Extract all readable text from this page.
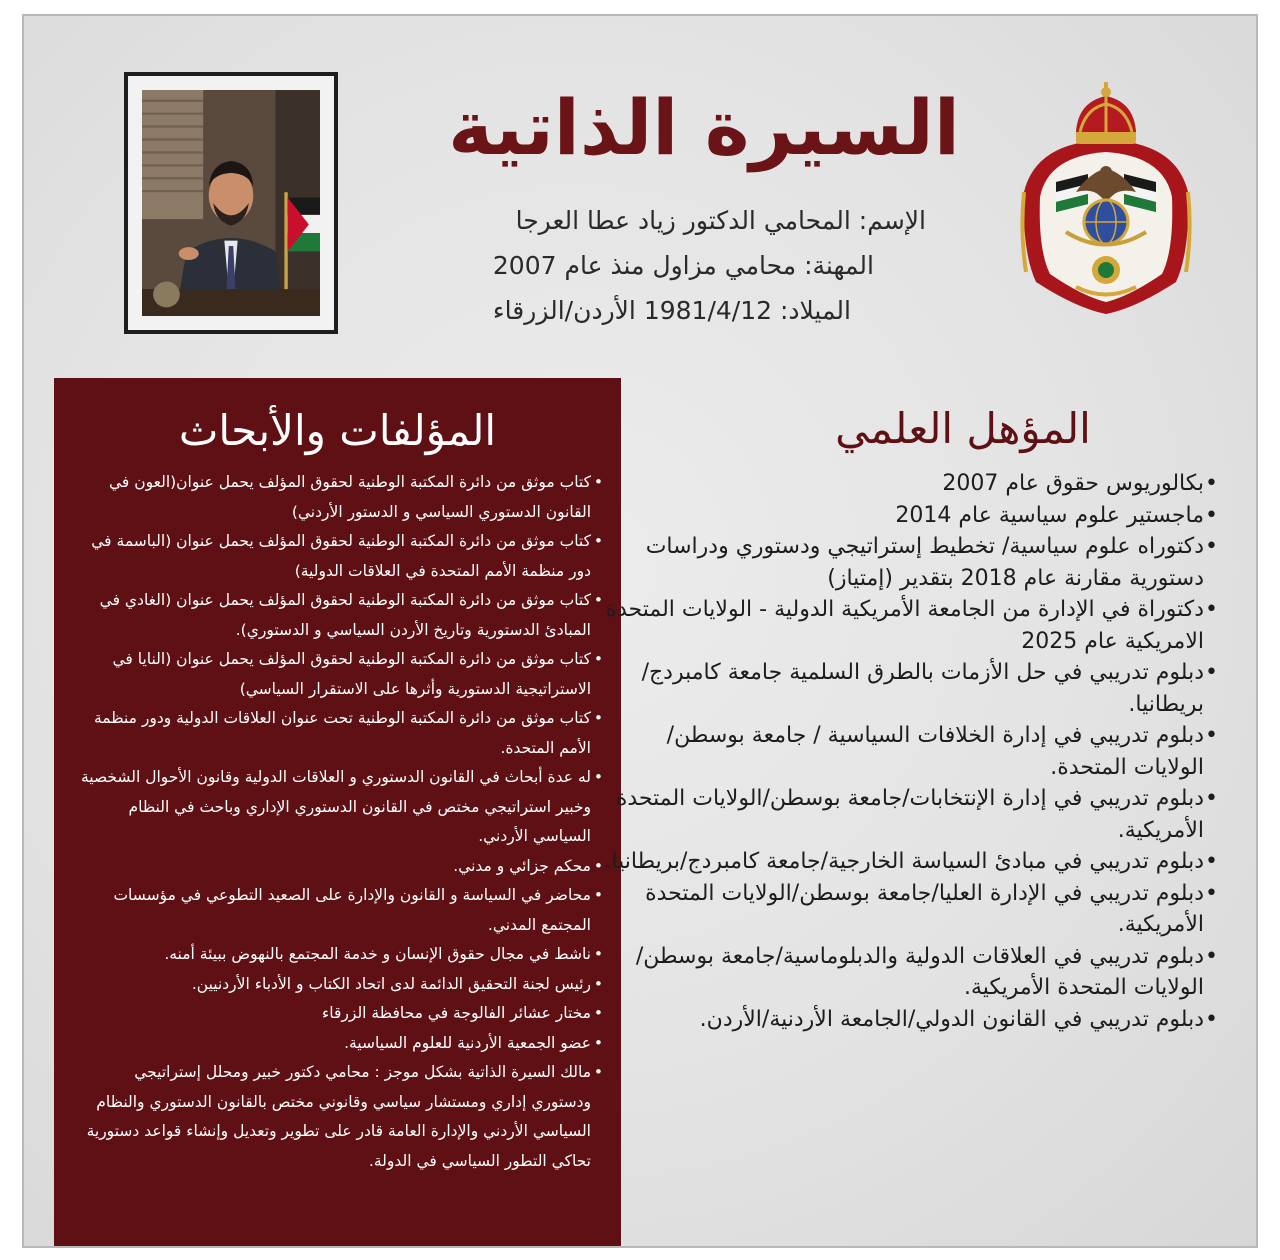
السيرة الذاتية
الإسم: المحامي الدكتور زياد عطا العرجا
المهنة: محامي مزاول منذ عام 2007
الميلاد: 1981/4/12 الأردن/الزرقاء
المؤلفات والأبحاث
• كتاب موثق من دائرة المكتبة الوطنية لحقوق المؤلف يحمل عنوان(العون في القانون الدستوري السياسي و الدستور الأردني)
• كتاب موثق من دائرة المكتبة الوطنية لحقوق المؤلف يحمل عنوان (الباسمة في دور منظمة الأمم المتحدة في العلاقات الدولية)
• كتاب موثق من دائرة المكتبة الوطنية لحقوق المؤلف يحمل عنوان (الغادي في المبادئ الدستورية وتاريخ الأردن السياسي و الدستوري).
• كتاب موثق من دائرة المكتبة الوطنية لحقوق المؤلف يحمل عنوان (النايا في الاستراتيجية الدستورية وأثرها على الاستقرار السياسي)
• كتاب موثق من دائرة المكتبة الوطنية تحت عنوان العلاقات الدولية ودور منظمة الأمم المتحدة.
• له عدة أبحاث في القانون الدستوري و العلاقات الدولية وقانون الأحوال الشخصية وخبير استراتيجي مختص في القانون الدستوري الإداري وباحث في النظام السياسي الأردني.
• محكم جزائي و مدني.
• محاضر في السياسة و القانون والإدارة على الصعيد التطوعي في مؤسسات المجتمع المدني.
• ناشط في مجال حقوق الإنسان و خدمة المجتمع بالنهوض ببيئة أمنه.
• رئيس لجنة التحقيق الدائمة لدى اتحاد الكتاب و الأدباء الأردنيين.
• مختار عشائر الفالوجة في محافظة الزرقاء
• عضو الجمعية الأردنية للعلوم السياسية.
• مالك السيرة الذاتية بشكل موجز : محامي دكتور خبير ومحلل إستراتيجي ودستوري إداري ومستشار سياسي وقانوني مختص بالقانون الدستوري والنظام السياسي الأردني والإدارة العامة قادر على تطوير وتعديل وإنشاء قواعد دستورية تحاكي التطور السياسي في الدولة.
المؤهل العلمي
• بكالوريوس حقوق عام 2007
• ماجستير علوم سياسية عام 2014
• دكتوراه علوم سياسية/ تخطيط إستراتيجي ودستوري ودراسات دستورية مقارنة عام 2018 بتقدير (إمتياز)
• دكتوراة في الإدارة من الجامعة الأمريكية الدولية - الولايات المتحدة الامريكية عام 2025
• دبلوم تدريبي في حل الأزمات بالطرق السلمية جامعة كامبردج/بريطانيا.
• دبلوم تدريبي في إدارة الخلافات السياسية / جامعة بوسطن/الولايات المتحدة.
• دبلوم تدريبي في إدارة الإنتخابات/جامعة بوسطن/الولايات المتحدة الأمريكية.
• دبلوم تدريبي في مبادئ السياسة الخارجية/جامعة كامبردج/بريطانيا.
• دبلوم تدريبي في الإدارة العليا/جامعة بوسطن/الولايات المتحدة الأمريكية.
• دبلوم تدريبي في العلاقات الدولية والدبلوماسية/جامعة بوسطن/الولايات المتحدة الأمريكية.
• دبلوم تدريبي في القانون الدولي/الجامعة الأردنية/الأردن.
